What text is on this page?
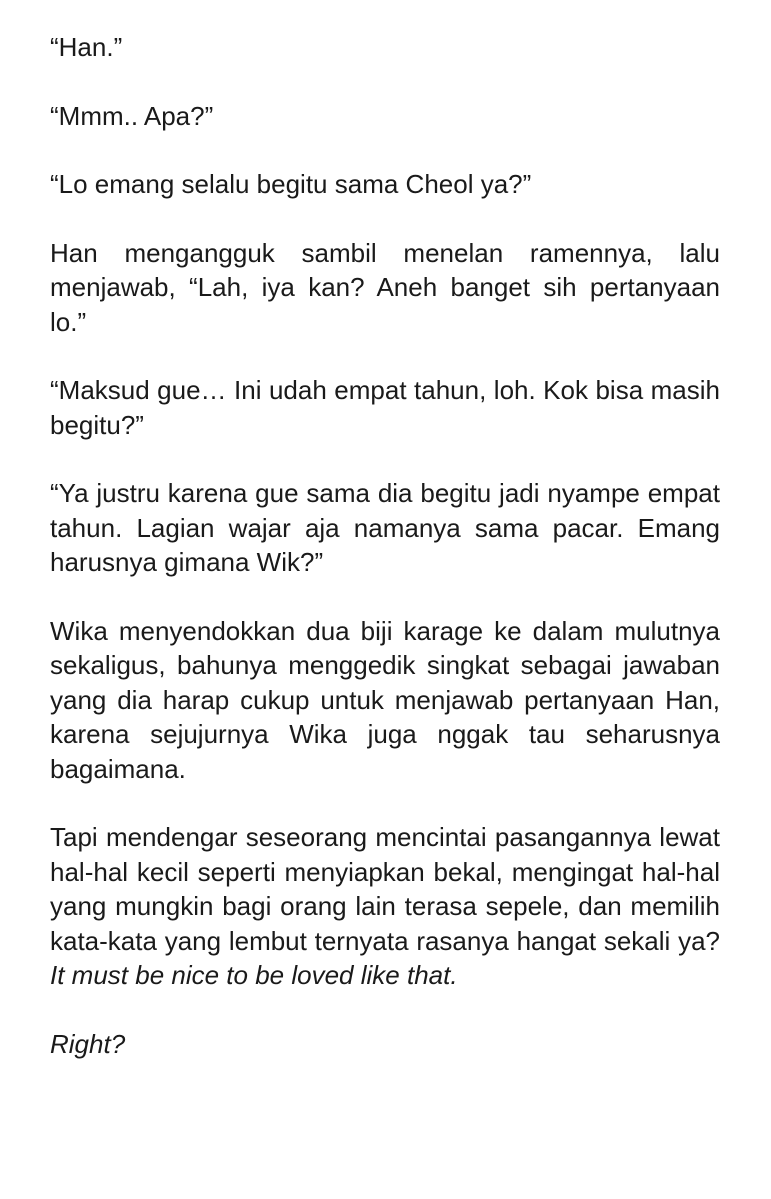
“Han.”

“Mmm.. Apa?”

“Lo emang selalu begitu sama Cheol ya?”

Han mengangguk sambil menelan ramennya, lalu menjawab, “Lah, iya kan? Aneh banget sih pertanyaan lo.”

“Maksud gue… Ini udah empat tahun, loh. Kok bisa masih begitu?”

“Ya justru karena gue sama dia begitu jadi nyampe empat tahun. Lagian wajar aja namanya sama pacar. Emang harusnya gimana Wik?”

Wika menyendokkan dua biji karage ke dalam mulutnya sekaligus, bahunya menggedik singkat sebagai jawaban yang dia harap cukup untuk menjawab pertanyaan Han, karena sejujurnya Wika juga nggak tau seharusnya bagaimana.

Tapi mendengar seseorang mencintai pasangannya lewat hal-hal kecil seperti menyiapkan bekal, mengingat hal-hal yang mungkin bagi orang lain terasa sepele, dan memilih kata-kata yang lembut ternyata rasanya hangat sekali ya? It must be nice to be loved like that.

Right?
